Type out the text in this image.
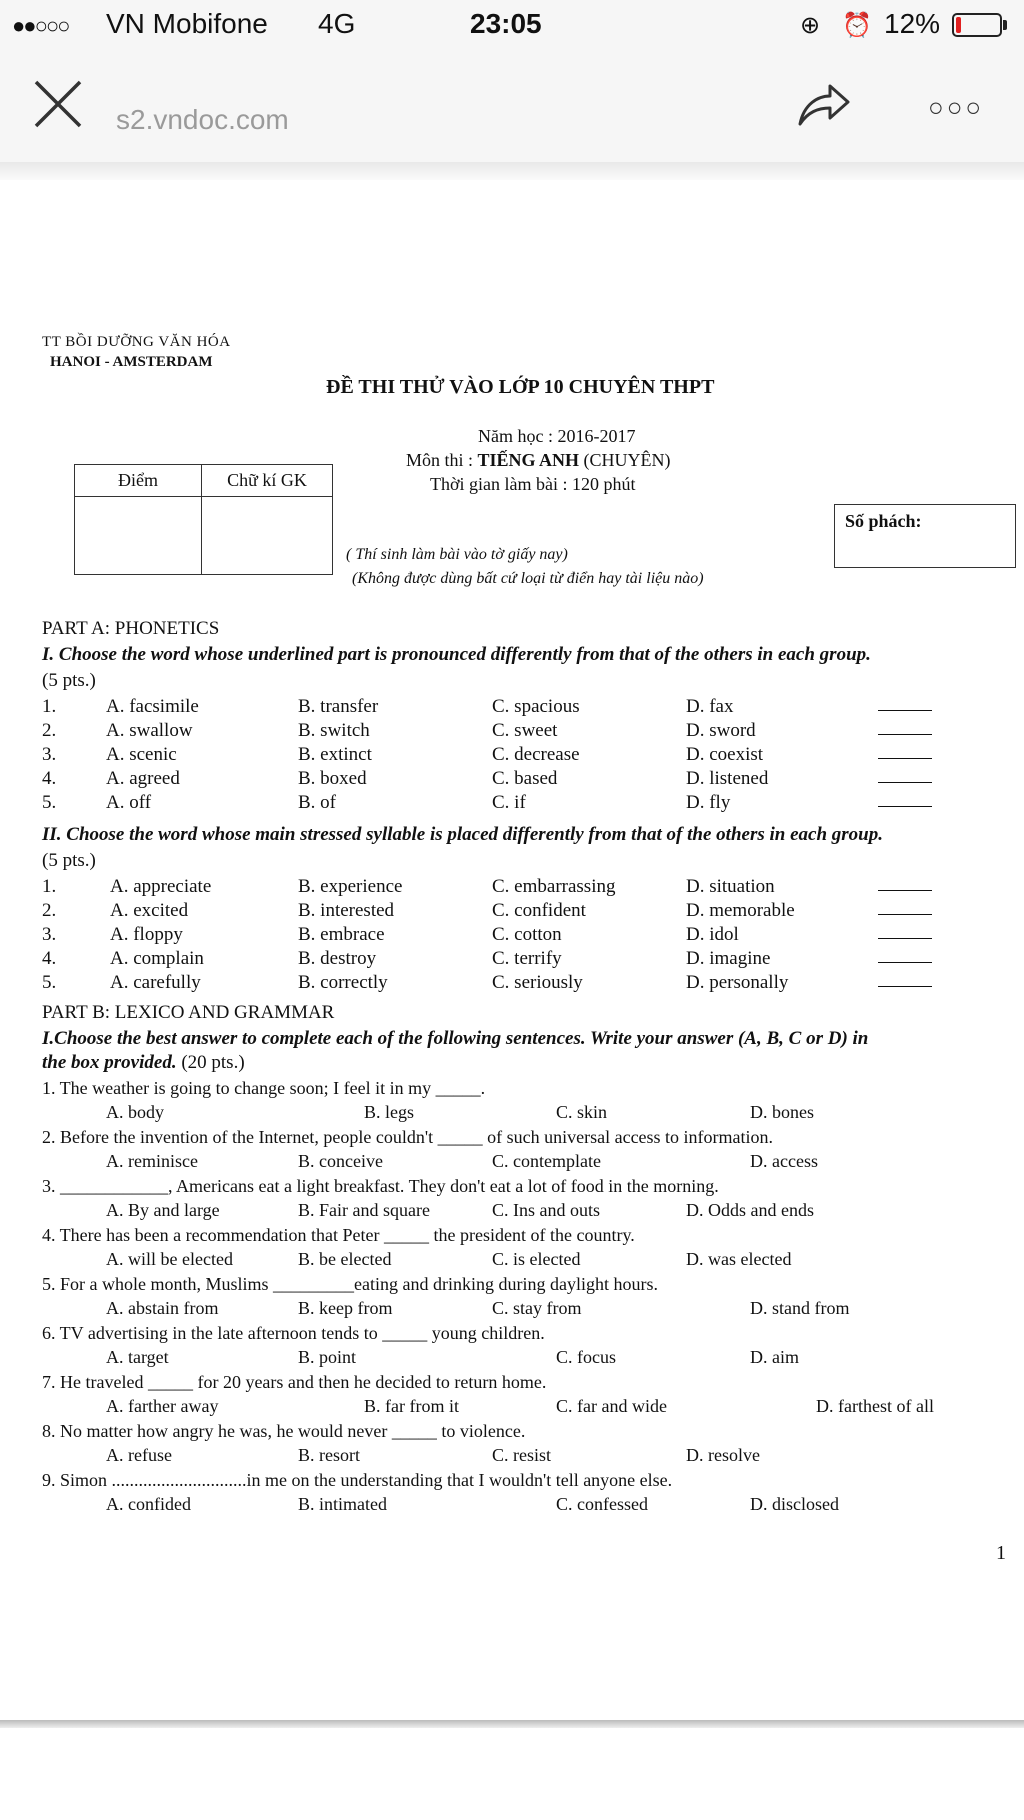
●●○○○ VN Mobifone 4G	23:05	⊕ ⏰ 12%
s2.vndoc.com	○○○
TT BỒI DƯỠNG VĂN HÓA
HANOI - AMSTERDAM
ĐỀ THI THỬ VÀO LỚP 10 CHUYÊN THPT
Năm học : 2016-2017
Môn thi : TIẾNG ANH (CHUYÊN)
Thời gian làm bài : 120 phút
Điểm	Chữ kí GK

Số phách:
( Thí sinh làm bài vào tờ giấy nay)
(Không được dùng bất cứ loại từ điển hay tài liệu nào)
PART A: PHONETICS
I. Choose the word whose underlined part is pronounced differently from that of the others in each group.
(5 pts.)
1.	A. facsimile	B. transfer	C. spacious	D. fax
2.	A. swallow	B. switch	C. sweet	D. sword
3.	A. scenic	B. extinct	C. decrease	D. coexist
4.	A. agreed	B. boxed	C. based	D. listened
5.	A. off	B. of	C. if	D. fly
II. Choose the word whose main stressed syllable is placed differently from that of the others in each group.
(5 pts.)
1.	A. appreciate	B. experience	C. embarrassing	D. situation
2.	A. excited	B. interested	C. confident	D. memorable
3.	A. floppy	B. embrace	C. cotton	D. idol
4.	A. complain	B. destroy	C. terrify	D. imagine
5.	A. carefully	B. correctly	C. seriously	D. personally
PART B: LEXICO AND GRAMMAR
I.Choose the best answer to complete each of the following sentences. Write your answer (A, B, C or D) in
the box provided. (20 pts.)
1. The weather is going to change soon; I feel it in my _____.
A. body	B. legs	C. skin	D. bones
2. Before the invention of the Internet, people couldn't _____ of such universal access to information.
A. reminisce	B. conceive	C. contemplate	D. access
3. ____________, Americans eat a light breakfast. They don't eat a lot of food in the morning.
A. By and large	B. Fair and square	C. Ins and outs	D. Odds and ends
4. There has been a recommendation that Peter _____ the president of the country.
A. will be elected	B. be elected	C. is elected	D. was elected
5. For a whole month, Muslims _________eating and drinking during daylight hours.
A. abstain from	B. keep from	C. stay from	D. stand from
6. TV advertising in the late afternoon tends to _____ young children.
A. target	B. point	C. focus	D. aim
7. He traveled _____ for 20 years and then he decided to return home.
A. farther away	B. far from it	C. far and wide	D. farthest of all
8. No matter how angry he was, he would never _____ to violence.
A. refuse	B. resort	C. resist	D. resolve
9. Simon ..............................in me on the understanding that I wouldn't tell anyone else.
A. confided	B. intimated	C. confessed	D. disclosed
1
